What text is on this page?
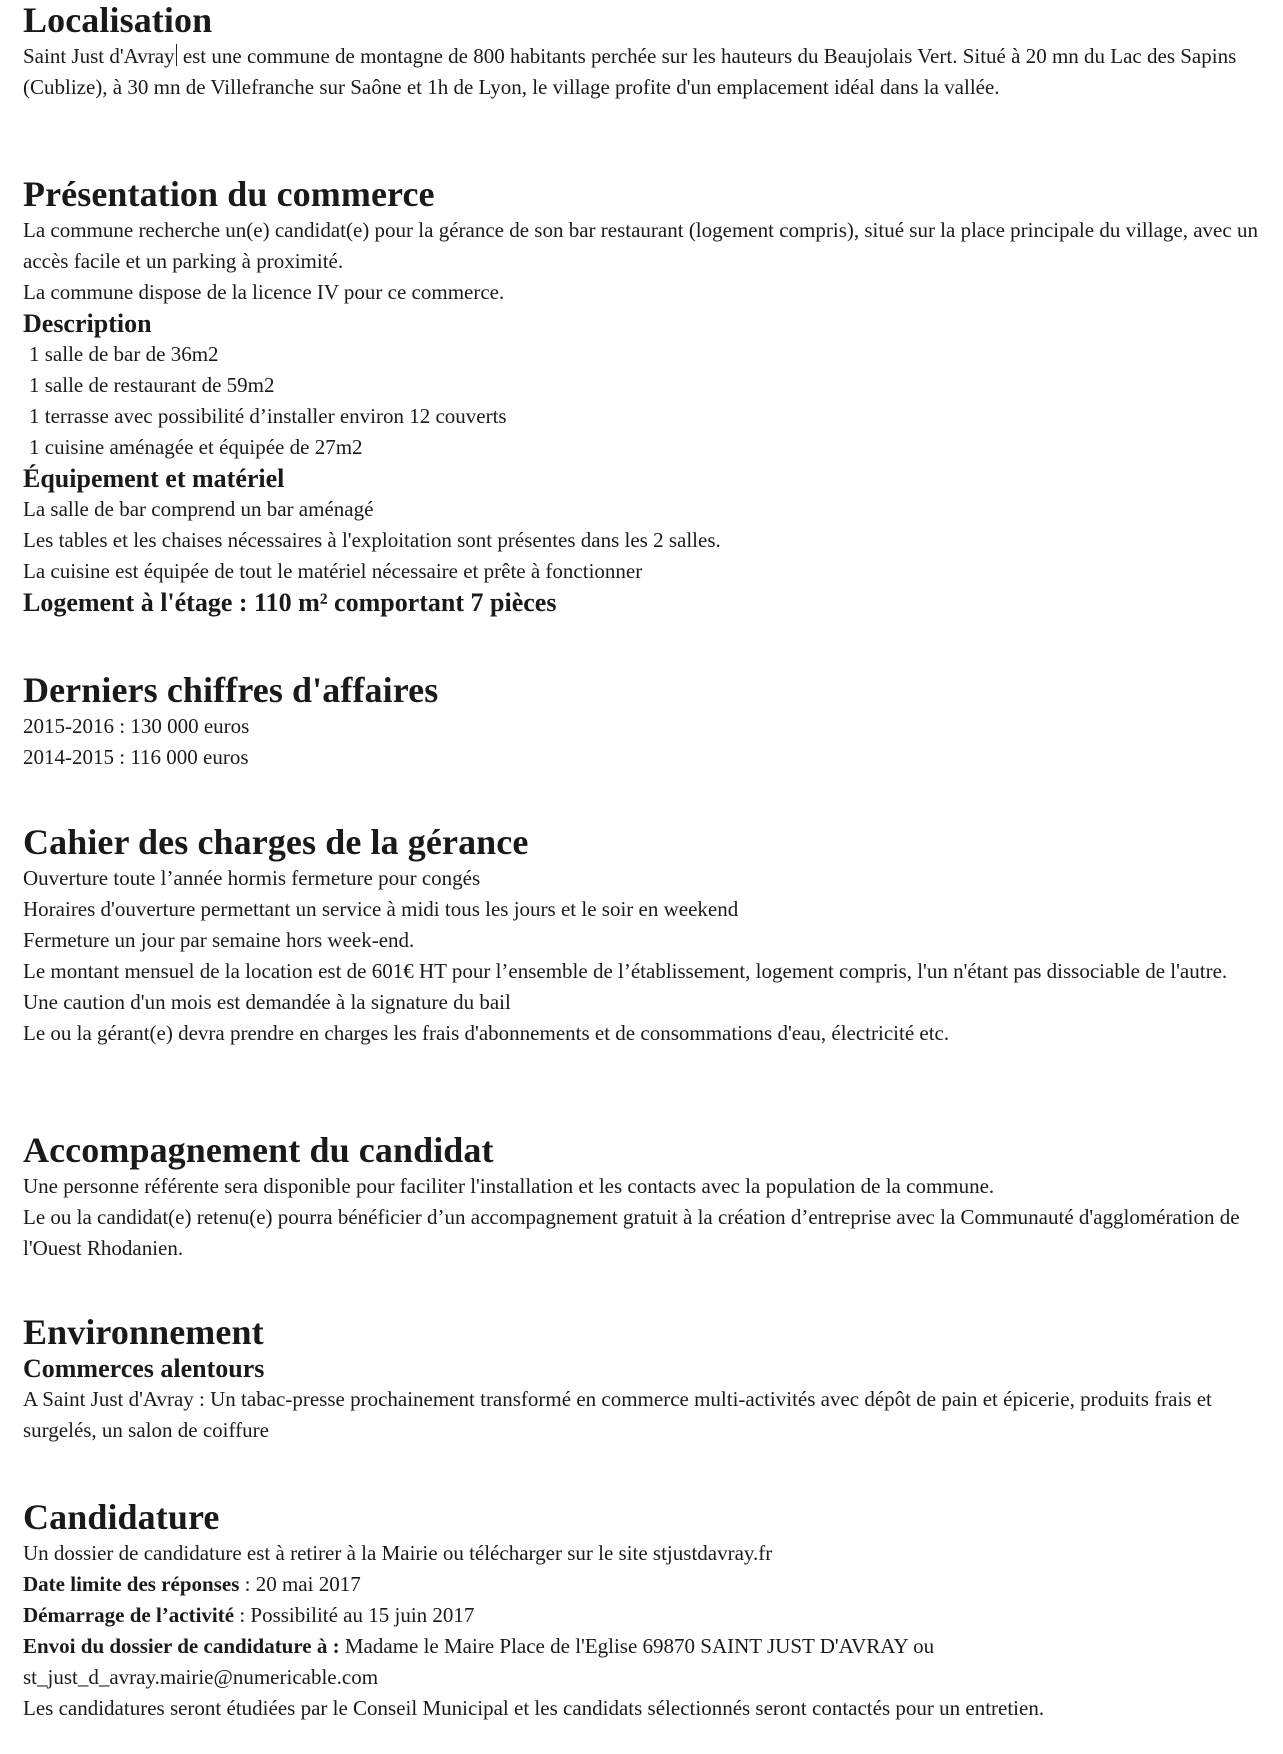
Localisation

Saint Just d'Avray est une commune de montagne de 800 habitants perchée sur les hauteurs du Beaujolais Vert. Situé à 20 mn du Lac des Sapins (Cublize), à 30 mn de Villefranche sur Saône et 1h de Lyon, le village profite d'un emplacement idéal dans la vallée.

Présentation du commerce

La commune recherche un(e) candidat(e) pour la gérance de son bar restaurant (logement compris), situé sur la place principale du village, avec un accès facile et un parking à proximité.

La commune dispose de la licence IV pour ce commerce.

Description

1 salle de bar de 36m2

1 salle de restaurant de 59m2

1 terrasse avec possibilité d’installer environ 12 couverts

1 cuisine aménagée et équipée de 27m2

Équipement et matériel

La salle de bar comprend un bar aménagé

Les tables et les chaises nécessaires à l'exploitation sont présentes dans les 2 salles.

La cuisine est équipée de tout le matériel nécessaire et prête à fonctionner

Logement à l'étage : 110 m² comportant 7 pièces

Derniers chiffres d'affaires

2015-2016 : 130 000 euros

2014-2015 : 116 000 euros

Cahier des charges de la gérance

Ouverture toute l’année hormis fermeture pour congés

Horaires d'ouverture permettant un service à midi tous les jours et le soir en weekend

Fermeture un jour par semaine hors week-end.

Le montant mensuel de la location est de 601€ HT pour l’ensemble de l’établissement, logement compris, l'un n'étant pas dissociable de l'autre.

Une caution d'un mois est demandée à la signature du bail

Le ou la gérant(e) devra prendre en charges les frais d'abonnements et de consommations d'eau, électricité etc.

Accompagnement du candidat

Une personne référente sera disponible pour faciliter l'installation et les contacts avec la population de la commune.

Le ou la candidat(e) retenu(e) pourra bénéficier d’un accompagnement gratuit à la création d’entreprise avec la Communauté d'agglomération de l'Ouest Rhodanien.

Environnement
Commerces alentours

A Saint Just d'Avray : Un tabac-presse prochainement transformé en commerce multi-activités avec dépôt de pain et épicerie, produits frais et surgelés, un salon de coiffure

Candidature

Un dossier de candidature est à retirer à la Mairie ou télécharger sur le site stjustdavray.fr

Date limite des réponses : 20 mai 2017

Démarrage de l’activité : Possibilité au 15 juin 2017

Envoi du dossier de candidature à : Madame le Maire Place de l'Eglise 69870 SAINT JUST D'AVRAY ou st_just_d_avray.mairie@numericable.com

Les candidatures seront étudiées par le Conseil Municipal et les candidats sélectionnés seront contactés pour un entretien.
